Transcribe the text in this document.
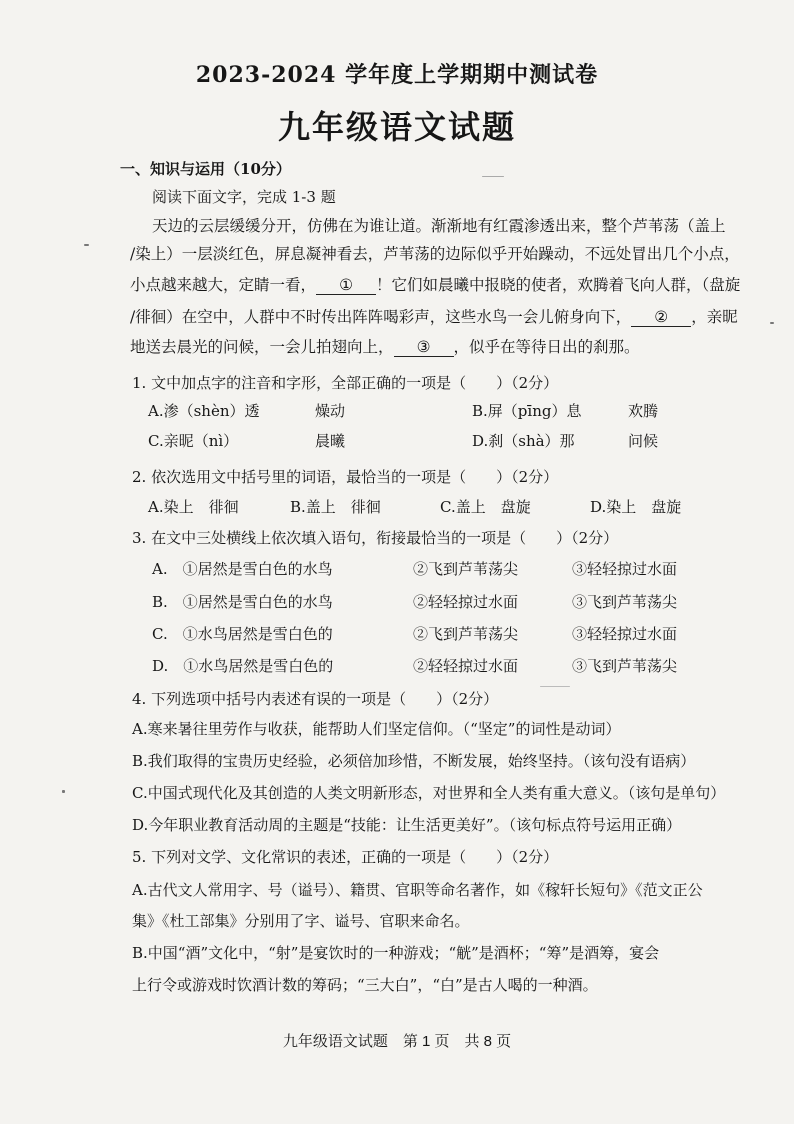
2023-2024 学年度上学期期中测试卷
九年级语文试题
一、知识与运用（10分）
阅读下面文字，完成 1-3 题
天边的云层缓缓分开，仿佛在为谁让道。渐渐地有红霞渗透出来，整个芦苇荡（盖上
/染上）一层淡红色，屏息凝神看去，芦苇荡的边际似乎开始躁动，不远处冒出几个小点，
小点越来越大，定睛一看， ① ！它们如晨曦中报晓的使者，欢腾着飞向人群，（盘旋
/徘徊）在空中，人群中不时传出阵阵喝彩声，这些水鸟一会儿俯身向下， ② ，亲昵
地送去晨光的问候，一会儿拍翅向上， ③ ，似乎在等待日出的刹那。
1. 文中加点字的注音和字形，全部正确的一项是（　　）（2分）
A.渗（shèn）透	燥动	B.屏（pīng）息	欢腾
C.亲昵（nì）	晨曦	D.刹（shà）那	问候
2. 依次选用文中括号里的词语，最恰当的一项是（　　）（2分）
A.染上　徘徊	B.盖上　徘徊	C.盖上　盘旋	D.染上　盘旋
3. 在文中三处横线上依次填入语句，衔接最恰当的一项是（　　）（2分）
A.　①居然是雪白色的水鸟	②飞到芦苇荡尖	③轻轻掠过水面
B.　①居然是雪白色的水鸟	②轻轻掠过水面	③飞到芦苇荡尖
C.　①水鸟居然是雪白色的	②飞到芦苇荡尖	③轻轻掠过水面
D.　①水鸟居然是雪白色的	②轻轻掠过水面	③飞到芦苇荡尖
4. 下列选项中括号内表述有误的一项是（　　）（2分）
A.寒来暑往里劳作与收获，能帮助人们坚定信仰。（“坚定”的词性是动词）
B.我们取得的宝贵历史经验，必须倍加珍惜，不断发展，始终坚持。（该句没有语病）
C.中国式现代化及其创造的人类文明新形态，对世界和全人类有重大意义。（该句是单句）
D.今年职业教育活动周的主题是“技能：让生活更美好”。（该句标点符号运用正确）
5. 下列对文学、文化常识的表述，正确的一项是（　　）（2分）
A.古代文人常用字、号（谥号）、籍贯、官职等命名著作，如《稼轩长短句》《范文正公
集》《杜工部集》分别用了字、谥号、官职来命名。
B.中国“酒”文化中，“射”是宴饮时的一种游戏；“觥”是酒杯；“筹”是酒筹，宴会
上行令或游戏时饮酒计数的筹码；“三大白”，“白”是古人喝的一种酒。
九年级语文试题　第 1 页　共 8 页
